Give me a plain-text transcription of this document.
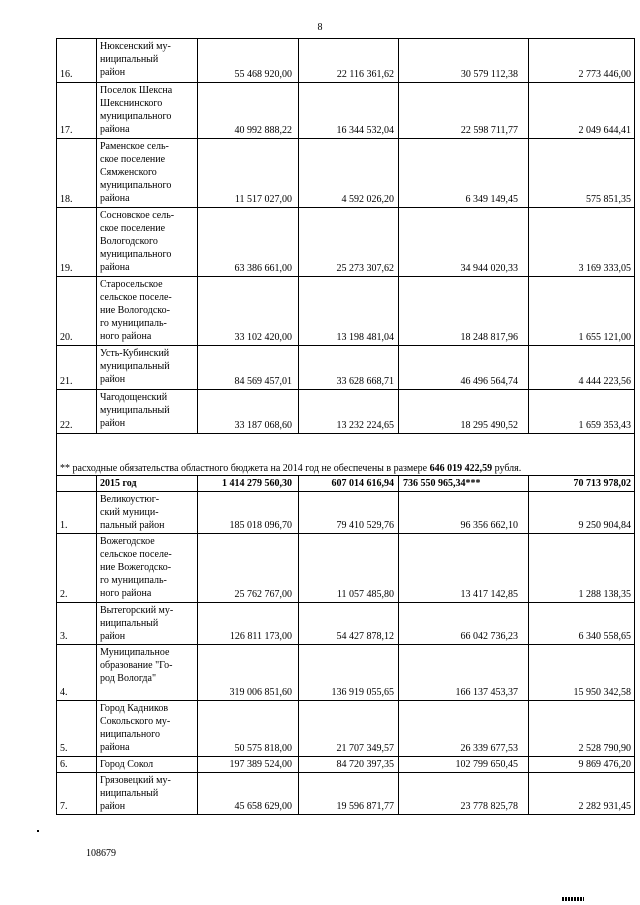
8
16.	Нюксенский му-
ниципальный
район	55 468 920,00	22 116 361,62	30 579 112,38	2 773 446,00
17.	Поселок Шексна
Шекснинского
муниципального
района	40 992 888,22	16 344 532,04	22 598 711,77	2 049 644,41
18.	Раменское сель-
ское поселение
Сямженского
муниципального
района	11 517 027,00	4 592 026,20	6 349 149,45	575 851,35
19.	Сосновское сель-
ское поселение
Вологодского
муниципального
района	63 386 661,00	25 273 307,62	34 944 020,33	3 169 333,05
20.	Старосельское
сельское поселе-
ние Вологодско-
го муниципаль-
ного района	33 102 420,00	13 198 481,04	18 248 817,96	1 655 121,00
21.	Усть-Кубинский
муниципальный
район	84 569 457,01	33 628 668,71	46 496 564,74	4 444 223,56
22.	Чагодощенский
муниципальный
район	33 187 068,60	13 232 224,65	18 295 490,52	1 659 353,43

** расходные обязательства областного бюджета на 2014 год не обеспечены в размере 646 019 422,59 рубля.					
	2015 год	1 414 279 560,30	607 014 616,94	736 550 965,34***	70 713 978,02
1.	Великоустюг-
ский муници-
пальный район	185 018 096,70	79 410 529,76	96 356 662,10	9 250 904,84
2.	Вожегодское
сельское поселе-
ние Вожегодско-
го муниципаль-
ного района	25 762 767,00	11 057 485,80	13 417 142,85	1 288 138,35
3.	Вытегорский му-
ниципальный
район	126 811 173,00	54 427 878,12	66 042 736,23	6 340 558,65
4.	Муниципальное
образование "Го-
род Вологда"	319 006 851,60	136 919 055,65	166 137 453,37	15 950 342,58
5.	Город Кадников
Сокольского му-
ниципального
района	50 575 818,00	21 707 349,57	26 339 677,53	2 528 790,90
6.	Город Сокол	197 389 524,00	84 720 397,35	102 799 650,45	9 869 476,20
7.	Грязовецкий му-
ниципальный
район	45 658 629,00	19 596 871,77	23 778 825,78	2 282 931,45
108679
